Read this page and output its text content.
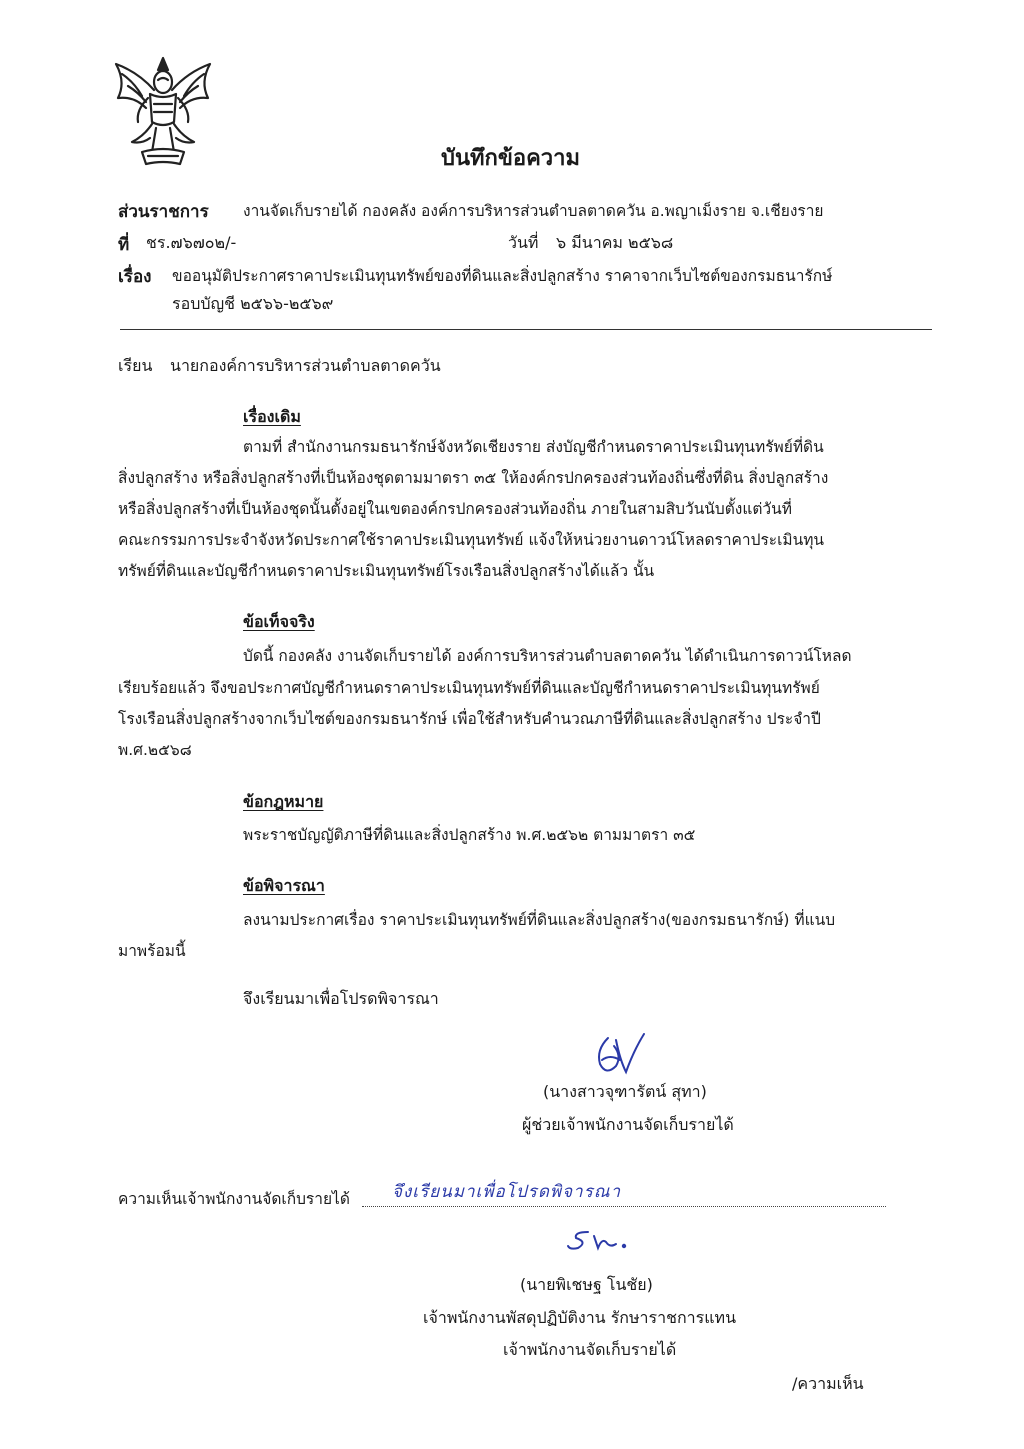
บันทึกข้อความ
ส่วนราชการ งานจัดเก็บรายได้ กองคลัง องค์การบริหารส่วนตำบลตาดควัน อ.พญาเม็งราย จ.เชียงราย
ที่ ชร.๗๖๗๐๒/-	วันที่ ๖ มีนาคม ๒๕๖๘
เรื่อง ขออนุมัติประกาศราคาประเมินทุนทรัพย์ของที่ดินและสิ่งปลูกสร้าง ราคาจากเว็บไซต์ของกรมธนารักษ์
รอบบัญชี ๒๕๖๖-๒๕๖๙
เรียน นายกองค์การบริหารส่วนตำบลตาดควัน
เรื่องเดิม
ตามที่ สำนักงานกรมธนารักษ์จังหวัดเชียงราย ส่งบัญชีกำหนดราคาประเมินทุนทรัพย์ที่ดิน
สิ่งปลูกสร้าง หรือสิ่งปลูกสร้างที่เป็นห้องชุดตามมาตรา ๓๕ ให้องค์กรปกครองส่วนท้องถิ่นซึ่งที่ดิน สิ่งปลูกสร้าง
หรือสิ่งปลูกสร้างที่เป็นห้องชุดนั้นตั้งอยู่ในเขตองค์กรปกครองส่วนท้องถิ่น ภายในสามสิบวันนับตั้งแต่วันที่
คณะกรรมการประจำจังหวัดประกาศใช้ราคาประเมินทุนทรัพย์ แจ้งให้หน่วยงานดาวน์โหลดราคาประเมินทุน
ทรัพย์ที่ดินและบัญชีกำหนดราคาประเมินทุนทรัพย์โรงเรือนสิ่งปลูกสร้างได้แล้ว นั้น
ข้อเท็จจริง
บัดนี้ กองคลัง งานจัดเก็บรายได้ องค์การบริหารส่วนตำบลตาดควัน ได้ดำเนินการดาวน์โหลด
เรียบร้อยแล้ว จึงขอประกาศบัญชีกำหนดราคาประเมินทุนทรัพย์ที่ดินและบัญชีกำหนดราคาประเมินทุนทรัพย์
โรงเรือนสิ่งปลูกสร้างจากเว็บไซต์ของกรมธนารักษ์ เพื่อใช้สำหรับคำนวณภาษีที่ดินและสิ่งปลูกสร้าง ประจำปี
พ.ศ.๒๕๖๘
ข้อกฎหมาย
พระราชบัญญัติภาษีที่ดินและสิ่งปลูกสร้าง พ.ศ.๒๕๖๒ ตามมาตรา ๓๕
ข้อพิจารณา
ลงนามประกาศเรื่อง ราคาประเมินทุนทรัพย์ที่ดินและสิ่งปลูกสร้าง(ของกรมธนารักษ์) ที่แนบ
มาพร้อมนี้
จึงเรียนมาเพื่อโปรดพิจารณา
(นางสาวจุฑารัตน์ สุทา)
ผู้ช่วยเจ้าพนักงานจัดเก็บรายได้
ความเห็นเจ้าพนักงานจัดเก็บรายได้ จึงเรียนมาเพื่อโปรดพิจารณา
(นายพิเชษฐ โนชัย)
เจ้าพนักงานพัสดุปฏิบัติงาน รักษาราชการแทน
เจ้าพนักงานจัดเก็บรายได้
/ความเห็น
